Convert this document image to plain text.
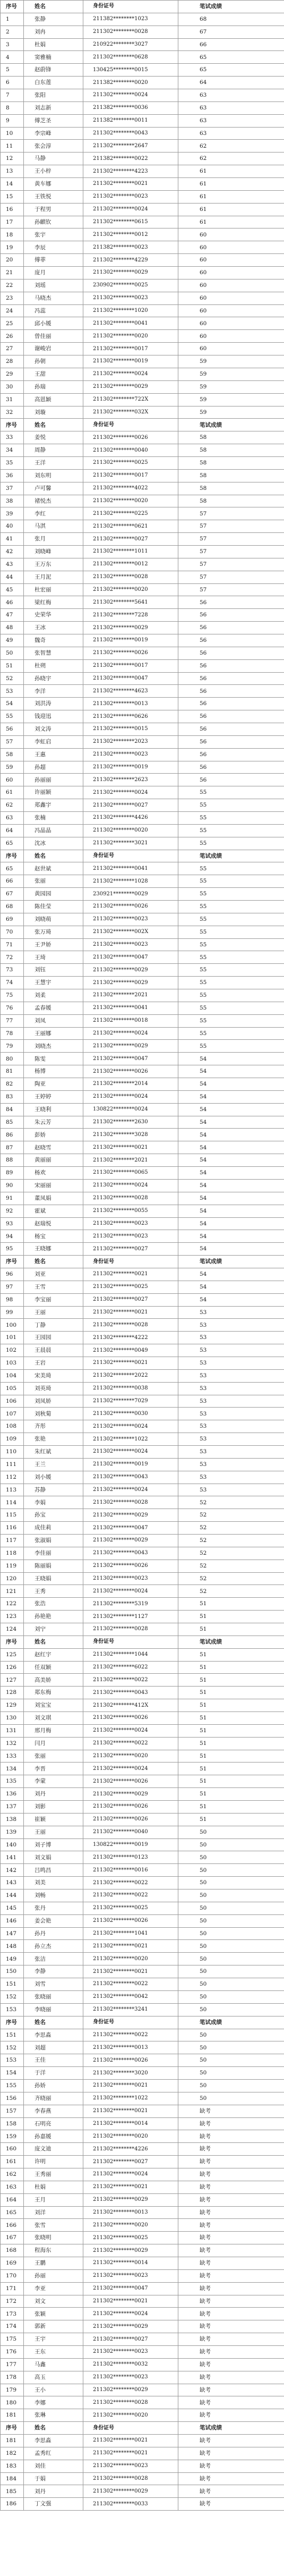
序号	姓名	身份证号	笔试成绩
1	张静	211382********1023	68
2	刘冉	211302********0028	67
3	杜娟	210922********3027	66
4	窦雅楠	211302********0628	65
5	赵蔚锋	130425********0015	65
6	白东莲	211382********0020	64
7	张阳	211302********0024	63
8	刘志新	211382********0036	63
9	傅芝圣	211382********0011	63
10	李宗峰	211302********0043	63
11	张会淳	211302********2647	62
12	马静	211382********0022	62
13	王小梓	211302********4223	61
14	黄车娜	211302********0021	61
15	王铁悦	211302********0023	61
16	于程男	211302********0024	61
17	孙麒钦	211302********0615	61
18	张宇	211302********0012	60
19	李辰	211382********0023	60
20	傅菲	211302********4229	60
21	庞月	211302********0029	60
22	刘瑶	230902********0025	60
23	马晓杰	211302********0023	60
24	冯蕊	211302********1020	60
25	邱小媛	211302********0041	60
26	曾佳丽	211302********0020	60
27	谢峻岩	211302********0017	60
28	孙朝	211302********0019	59
29	王甜	211302********0024	59
30	孙瑞	211302********0029	59
31	高恩颖	211302********722X	59
32	刘璇	211302********032X	59
序号	姓名	身份证号	笔试成绩
33	姜悦	211302********0026	58
34	周静	211302********0040	58
35	王洋	211302********0025	58
36	刘东明	211302********0017	58
37	卢可馨	211302********4022	58
38	褚悦杰	211302********0020	58
39	李红	211302********0225	57
40	马淇	211302********0621	57
41	张月	211302********0027	57
42	刘晓峰	211302********1011	57
43	王万东	211302********0012	57
44	王月泥	211302********0028	57
45	杜宏丽	211302********0020	57
46	梁红梅	211302********5641	56
47	史荣华	211302********7228	56
48	王冰	211302********0029	56
49	魏奇	211302********0019	56
50	张智慧	211302********0026	56
51	杜朔	211302********0017	56
52	孙晓宇	211302********0047	56
53	李洋	211302********4623	56
54	刘洪涛	211302********0013	56
55	钱迎迅	211302********0626	56
56	刘文涛	211302********0015	56
57	李虹启	211302********2023	56
58	王惠	211302********0023	56
59	孙超	211302********0019	56
60	孙丽丽	211302********2623	56
61	许丽颖	211302********0024	55
62	郑鑫宇	211302********0027	55
63	张楠	211302********4426	55
64	冯晶晶	211302********0020	55
65	沈冰	211302********3021	55
序号	姓名	身份证号	笔试成绩
65	赵世斌	211302********0041	55
66	张丽	211302********1028	55
67	黄园园	230921********0029	55
68	陈佳莹	211302********0026	55
69	刘晓萌	211302********0023	55
70	张万琦	211302********002X	55
71	王尹娇	211302********0023	55
72	王琦	211302********0047	55
73	刘钰	211302********0029	55
74	王慧宇	211302********0029	55
75	刘柔	211302********2021	55
76	孟春媛	211302********0041	55
77	刘凤	211302********0018	55
78	王丽娜	211302********0024	55
79	刘晓杰	211302********0029	55
80	陈雯	211302********0047	54
81	杨博	211302********0026	54
82	陶亚	211302********2014	54
83	王婷婷	211302********0024	54
84	王晓利	130822********0024	54
85	朱云芳	211302********2630	54
86	彭娇	211302********3028	54
87	赵晓雪	211302********0021	54
88	黄丽丽	211302********2021	54
89	杨欢	211302********0065	54
90	宋丽丽	211302********0024	54
91	董凤娟	211302********0028	54
92	霍斌	211302********0055	54
93	赵瑞悦	211302********0023	54
94	杨宝	211302********0023	54
95	王晓娜	211302********0027	54
序号	姓名	身份证号	笔试成绩
96	刘亚	211302********0021	54
97	王雪	211302********0025	54
98	李宝丽	211302********0027	54
99	王丽	211302********0021	53
100	丁静	211302********0028	53
101	王园园	211302********4222	53
102	王晨晨	211302********0049	53
103	王岩	211302********0021	53
104	宋美琦	211302********2022	53
105	刘英琦	211302********0038	53
106	刘凤娇	211302********7029	53
107	刘秋菊	211302********0030	53
108	齐彤	211302********0024	53
109	张艳	211302********1022	53
110	朱红斌	211302********0024	53
111	王兰	211302********0019	53
112	刘小媛	211302********0043	53
113	苏静	211302********0024	53
114	李娟	211302********0028	52
115	孙宝	211302********0029	52
116	成佳莉	211302********0047	52
117	张淑娟	211302********0029	52
118	李佳丽	211302********0043	52
119	陈丽娟	211302********0026	52
120	王晓娟	211302********0023	52
121	王秀	211302********0024	52
122	张浩	211302********5319	51
123	孙艳艳	211302********1127	51
124	刘宁	211302********0028	51
序号	姓名	身份证号	笔试成绩
125	赵红宇	211302********1044	51
126	任双颖	211302********6022	51
127	高美娇	211302********0022	51
128	郑东梅	211302********0043	51
129	刘宝宝	211302********412X	51
130	刘文琪	211302********0026	51
131	邢月梅	211302********0024	51
132	闫月	211302********0022	51
133	张丽	211302********0020	51
134	李晋	211302********0024	51
135	李蒙	211302********0026	51
136	刘丹	211302********0029	51
137	刘影	211302********0026	51
138	崔颖	211302********0026	51
139	王丽	211302********0040	50
140	刘子博	130822********0019	50
141	刘文娟	211302********0123	50
142	吕鸣昌	211302********0016	50
143	刘美	211302********0022	50
144	刘畅	211302********0022	50
145	张丹	211302********0025	50
146	姜会艳	211302********0026	50
147	孙丹	211302********1041	50
148	孙立杰	211302********0021	50
149	张洁	211302********0020	50
150	李静	211302********0021	50
151	刘雪	211302********0022	50
152	张晓丽	211302********0042	50
153	李晓丽	211302********3241	50
序号	姓名	身份证号	笔试成绩
151	李思淼	211302********0022	50
152	刘超	211302********0013	50
153	王佳	211302********0026	50
154	于洋	211302********3020	50
155	孙娇	211302********0021	50
156	齐晓丽	211302********1022	50
157	李春燕	211302********0021	缺考
158	石明亮	211302********0014	缺考
159	孙嘉媛	211302********0020	缺考
160	庞文迪	211302********4226	缺考
161	许明	211302********0027	缺考
162	王秀丽	211302********0024	缺考
163	杜娟	211302********0021	缺考
164	王月	211302********0029	缺考
165	刘洋	211302********0013	缺考
166	张雪	211302********0020	缺考
167	张晓明	211302********0025	缺考
168	程海东	211302********0029	缺考
169	王鹏	211302********0014	缺考
170	孙丽	211302********0023	缺考
171	李亚	211302********0047	缺考
172	刘文	211302********0021	缺考
173	张颖	211302********0024	缺考
174	郭新	211302********0029	缺考
175	王宇	211302********0027	缺考
176	王东	211302********0023	缺考
177	马鑫	211302********0032	缺考
178	高玉	211302********0023	缺考
179	王小	211302********0029	缺考
180	李娜	211302********0028	缺考
181	张琳	211302********0020	缺考
序号	姓名	身份证号	笔试成绩
181	李思淼	211302********0021	缺考
182	孟秀红	211302********0021	缺考
183	刘佳	211302********0023	缺考
184	于娟	211302********0028	缺考
185	刘丹	211302********0029	缺考
186	丁文强	211302********0033	缺考
